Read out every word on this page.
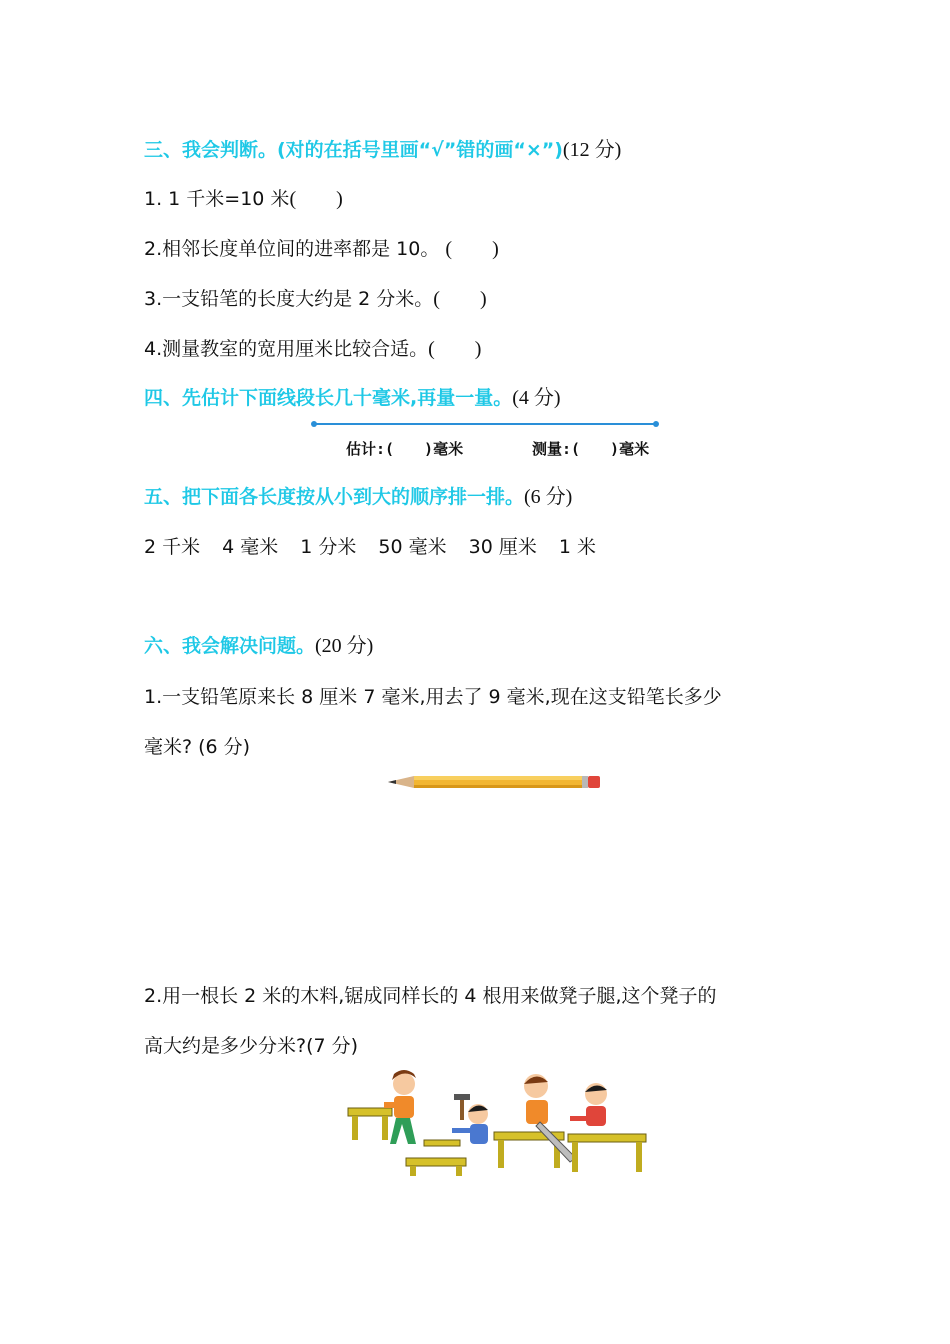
三、我会判断。(对的在括号里画“√”错的画“×”)(12 分)
1. 1 千米=10 米(　　)
2.相邻长度单位间的进率都是 10。 (　　)
3.一支铅笔的长度大约是 2 分米。(　　)
4.测量教室的宽用厘米比较合适。(　　)
四、先估计下面线段长几十毫米,再量一量。(4 分)
估计:(　　)毫米	测量:(　　)毫米
五、把下面各长度按从小到大的顺序排一排。(6 分)
2 千米 4 毫米 1 分米 50 毫米 30 厘米 1 米
六、我会解决问题。(20 分)
1.一支铅笔原来长 8 厘米 7 毫米,用去了 9 毫米,现在这支铅笔长多少
毫米? (6 分)
2.用一根长 2 米的木料,锯成同样长的 4 根用来做凳子腿,这个凳子的
高大约是多少分米?(7 分)
